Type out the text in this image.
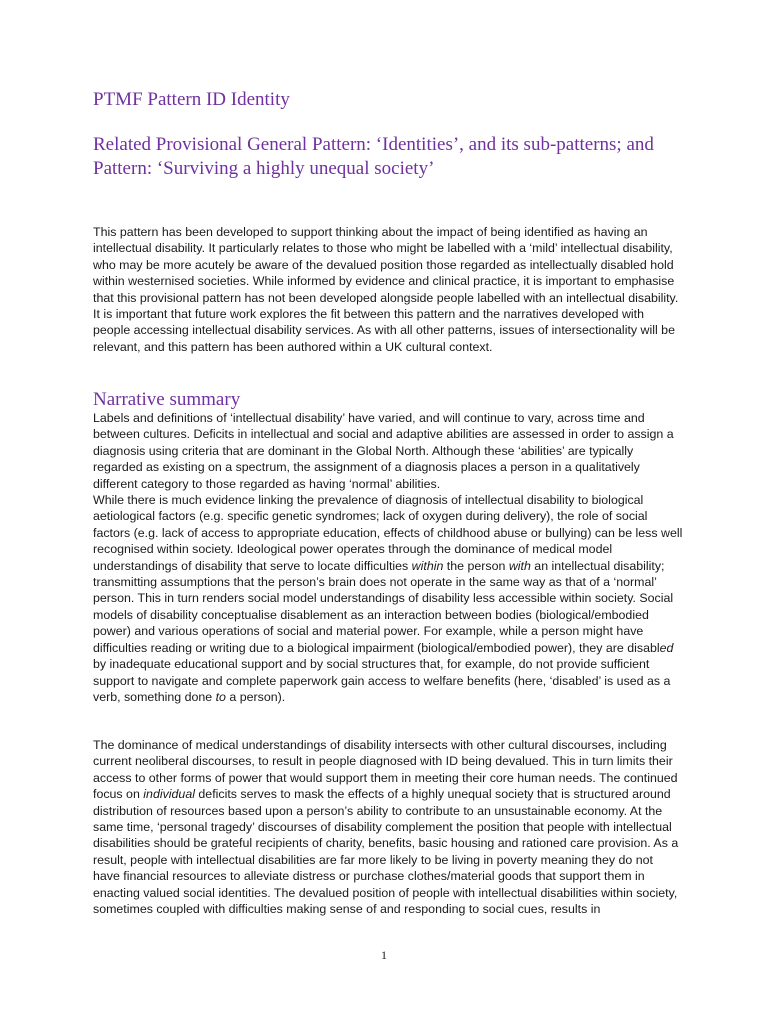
PTMF Pattern ID Identity
Related Provisional General Pattern: ‘Identities’, and its sub-patterns; and Pattern: ‘Surviving a highly unequal society’

This pattern has been developed to support thinking about the impact of being identified as having an intellectual disability. It particularly relates to those who might be labelled with a ‘mild’ intellectual disability, who may be more acutely be aware of the devalued position those regarded as intellectually disabled hold within westernised societies. While informed by evidence and clinical practice, it is important to emphasise that this provisional pattern has not been developed alongside people labelled with an intellectual disability. It is important that future work explores the fit between this pattern and the narratives developed with people accessing intellectual disability services. As with all other patterns, issues of intersectionality will be relevant, and this pattern has been authored within a UK cultural context.

Narrative summary
Labels and definitions of ‘intellectual disability’ have varied, and will continue to vary, across time and between cultures. Deficits in intellectual and social and adaptive abilities are assessed in order to assign a diagnosis using criteria that are dominant in the Global North. Although these ‘abilities’ are typically regarded as existing on a spectrum, the assignment of a diagnosis places a person in a qualitatively different category to those regarded as having ‘normal’ abilities.
While there is much evidence linking the prevalence of diagnosis of intellectual disability to biological aetiological factors (e.g. specific genetic syndromes; lack of oxygen during delivery), the role of social factors (e.g. lack of access to appropriate education, effects of childhood abuse or bullying) can be less well recognised within society. Ideological power operates through the dominance of medical model understandings of disability that serve to locate difficulties within the person with an intellectual disability; transmitting assumptions that the person’s brain does not operate in the same way as that of a ‘normal’ person. This in turn renders social model understandings of disability less accessible within society. Social models of disability conceptualise disablement as an interaction between bodies (biological/embodied power) and various operations of social and material power. For example, while a person might have difficulties reading or writing due to a biological impairment (biological/embodied power), they are disabled by inadequate educational support and by social structures that, for example, do not provide sufficient support to navigate and complete paperwork gain access to welfare benefits (here, ‘disabled’ is used as a verb, something done to a person).

The dominance of medical understandings of disability intersects with other cultural discourses, including current neoliberal discourses, to result in people diagnosed with ID being devalued. This in turn limits their access to other forms of power that would support them in meeting their core human needs. The continued focus on individual deficits serves to mask the effects of a highly unequal society that is structured around distribution of resources based upon a person’s ability to contribute to an unsustainable economy. At the same time, ‘personal tragedy’ discourses of disability complement the position that people with intellectual disabilities should be grateful recipients of charity, benefits, basic housing and rationed care provision. As a result, people with intellectual disabilities are far more likely to be living in poverty meaning they do not have financial resources to alleviate distress or purchase clothes/material goods that support them in enacting valued social identities. The devalued position of people with intellectual disabilities within society, sometimes coupled with difficulties making sense of and responding to social cues, results in

1
